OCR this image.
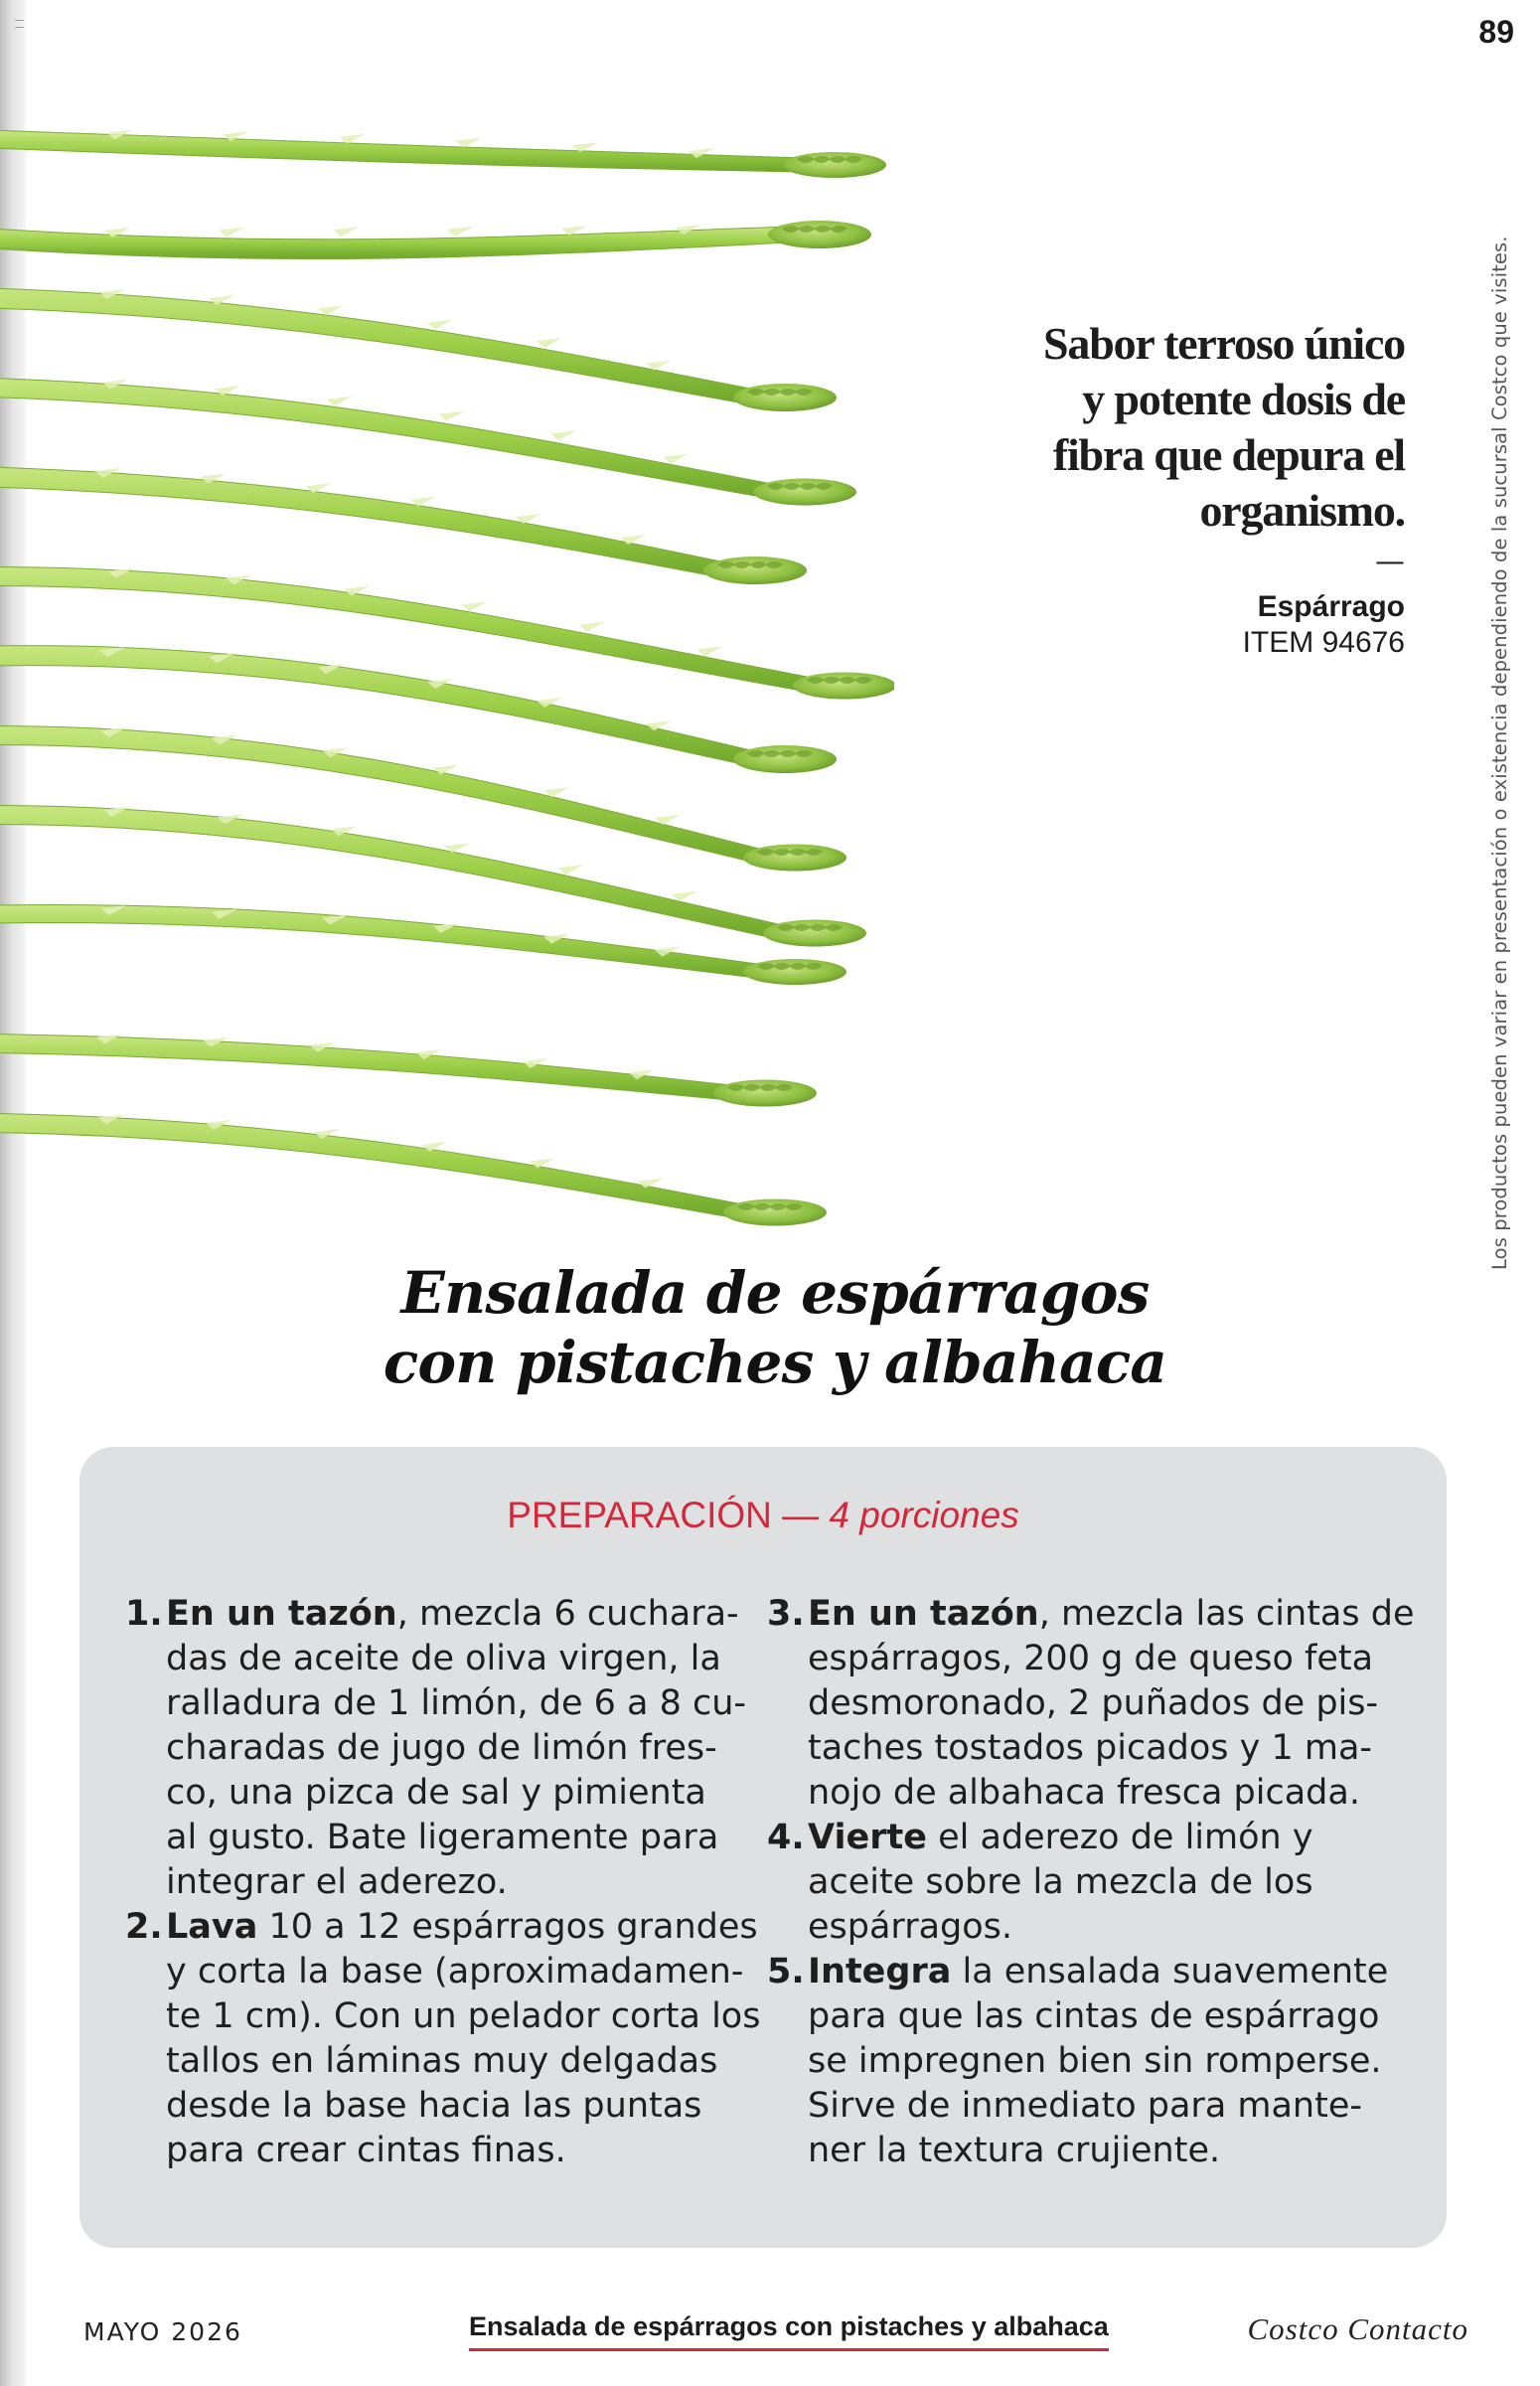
89
Los productos pueden variar en presentación o existencia dependiendo de la sucursal Costco que visites.
Sabor terroso único
y potente dosis de
fibra que depura el
organismo.
—
Espárrago
ITEM 94676
Ensalada de espárragos
con pistaches y albahaca
PREPARACIÓN — 4 porciones
1. En un tazón, mezcla 6 cuchara-
das de aceite de oliva virgen, la
ralladura de 1 limón, de 6 a 8 cu-
charadas de jugo de limón fres-
co, una pizca de sal y pimienta
al gusto. Bate ligeramente para
integrar el aderezo.
2. Lava 10 a 12 espárragos grandes
y corta la base (aproximadamen-
te 1 cm). Con un pelador corta los
tallos en láminas muy delgadas
desde la base hacia las puntas
para crear cintas finas.
3. En un tazón, mezcla las cintas de
espárragos, 200 g de queso feta
desmoronado, 2 puñados de pis-
taches tostados picados y 1 ma-
nojo de albahaca fresca picada.
4. Vierte el aderezo de limón y
aceite sobre la mezcla de los
espárragos.
5. Integra la ensalada suavemente
para que las cintas de espárrago
se impregnen bien sin romperse.
Sirve de inmediato para mante-
ner la textura crujiente.
MAYO 2026	Ensalada de espárragos con pistaches y albahaca	Costco Contacto
